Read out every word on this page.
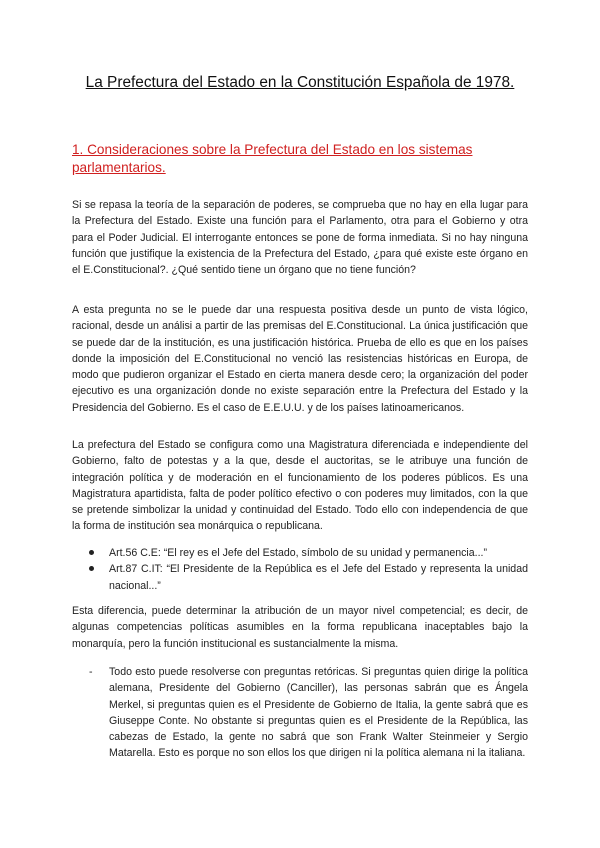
La Prefectura del Estado en la Constitución Española de 1978.
1. Consideraciones sobre la Prefectura del Estado en los sistemas parlamentarios.

Si se repasa la teoría de la separación de poderes, se comprueba que no hay en ella lugar para la Prefectura del Estado. Existe una función para el Parlamento, otra para el Gobierno y otra para el Poder Judicial. El interrogante entonces se pone de forma inmediata. Si no hay ninguna función que justifique la existencia de la Prefectura del Estado, ¿para qué existe este órgano en el E.Constitucional?. ¿Qué sentido tiene un órgano que no tiene función?

A esta pregunta no se le puede dar una respuesta positiva desde un punto de vista lógico, racional, desde un análisi a partir de las premisas del E.Constitucional. La única justificación que se puede dar de la institución, es una justificación histórica. Prueba de ello es que en los países donde la imposición del E.Constitucional no venció las resistencias históricas en Europa, de modo que pudieron organizar el Estado en cierta manera desde cero; la organización del poder ejecutivo es una organización donde no existe separación entre la Prefectura del Estado y la Presidencia del Gobierno. Es el caso de E.E.U.U. y de los países latinoamericanos.

La prefectura del Estado se configura como una Magistratura diferenciada e independiente del Gobierno, falto de potestas y a la que, desde el auctoritas, se le atribuye una función de integración política y de moderación en el funcionamiento de los poderes públicos. Es una Magistratura apartidista, falta de poder político efectivo o con poderes muy limitados, con la que se pretende simbolizar la unidad y continuidad del Estado. Todo ello con independencia de que la forma de institución sea monárquica o republicana.

Art.56 C.E: “El rey es el Jefe del Estado, símbolo de su unidad y permanencia...”
Art.87 C.IT: “El Presidente de la República es el Jefe del Estado y representa la unidad nacional...”

Esta diferencia, puede determinar la atribución de un mayor nivel competencial; es decir, de algunas competencias políticas asumibles en la forma republicana inaceptables bajo la monarquía, pero la función institucional es sustancialmente la misma.

- Todo esto puede resolverse con preguntas retóricas. Si preguntas quien dirige la política alemana, Presidente del Gobierno (Canciller), las personas sabrán que es Ángela Merkel, si preguntas quien es el Presidente de Gobierno de Italia, la gente sabrá que es Giuseppe Conte. No obstante si preguntas quien es el Presidente de la República, las cabezas de Estado, la gente no sabrá que son Frank Walter Steinmeier y Sergio Matarella. Esto es porque no son ellos los que dirigen ni la política alemana ni la italiana.
